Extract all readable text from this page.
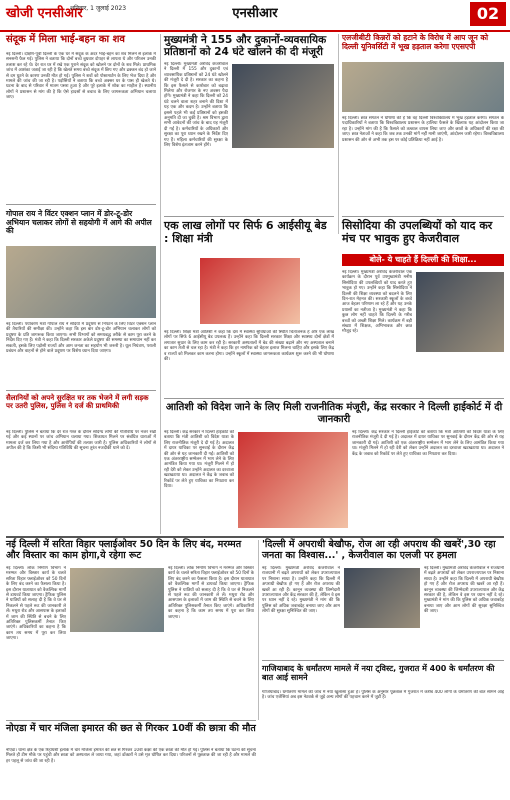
खोजी एनसीआर
शनिवार, 1 जुलाई 2023	एनसीआर	02
संदूक में मिला भाई-बहन का शव
नई दिल्ली। दक्षिण-पूर्वी दिल्ली के एक घर में संदूक के अंदर भाई-बहन का शव मिलने से इलाके में सनसनी फैल गई। पुलिस ने बताया कि दोनों बच्चे बुधवार दोपहर से लापता थे और परिजन उनकी तलाश कर रहे थे। देर रात घर में रखे एक पुराने संदूक को खोलने पर दोनों के शव मिले। प्राथमिक जांच में आशंका जताई जा रही है कि खेलते समय बच्चे संदूक में छिप गए और ढक्कन बंद हो जाने से दम घुटने के कारण उनकी मौत हो गई। पुलिस ने शवों को पोस्टमार्टम के लिए भेज दिया है और मामले की जांच की जा रही है। पड़ोसियों ने बताया कि बच्चे अक्सर घर के पास ही खेलते थे। घटना के बाद से परिवार में मातम पसरा हुआ है और पूरे इलाके में शोक का माहौल है। स्थानीय लोगों ने प्रशासन से मांग की है कि ऐसे हादसों से बचाव के लिए जागरूकता अभियान चलाया जाए।
गोपाल राय ने विंटर एक्शन प्लान में डोर-टू-डोर अभियान चलाकर लोगों से सहयोगी में आगे की अपील की
नई दिल्ली। पर्यावरण मंत्री गोपाल राय ने सर्दियों में प्रदूषण से निपटने के लिए विंटर एक्शन प्लान की तैयारियों की समीक्षा की। उन्होंने कहा कि इस बार डोर-टू-डोर अभियान चलाकर लोगों को प्रदूषण के प्रति जागरूक किया जाएगा। सभी विभागों को समयबद्ध तरीके से काम पूरा करने के निर्देश दिए गए हैं। मंत्री ने कहा कि दिल्ली सरकार अकेले प्रदूषण की समस्या का समाधान नहीं कर सकती, इसके लिए पड़ोसी राज्यों और आम जनता का सहयोग भी जरूरी है। धूल नियंत्रण, पराली प्रबंधन और वाहनों से होने वाले प्रदूषण पर विशेष ध्यान दिया जाएगा।
सैलानियों को अपने सुरक्षित घर तक भेजने में लगी सड़क पर उतरी पुलिस, पुलिस ने दर्ज की प्राथमिकी
नई दिल्ली। पुलिस ने बताया कि देर रात गश्त के दौरान संदिग्ध लोगों की गतिविधि पर नजर रखी गई और कई स्थानों पर जांच अभियान चलाया गया। शिकायत मिलने पर संबंधित धाराओं में मामला दर्ज कर लिया गया है और आरोपियों की तलाश जारी है। पुलिस अधिकारियों ने लोगों से अपील की है कि किसी भी संदिग्ध गतिविधि की सूचना तुरंत नजदीकी थाने को दें।
मुख्यमंत्री ने 155 और दुकानों-व्यवसायिक प्रतिष्ठानों को 24 घंटे खोलने की दी मंजूरी
नई दिल्ली। मुख्यमंत्री अरविंद केजरीवाल ने दिल्ली में 155 और दुकानों एवं व्यावसायिक प्रतिष्ठानों को 24 घंटे खोलने की मंजूरी दे दी है। सरकार का कहना है कि इस फैसले से कारोबार को बढ़ावा मिलेगा और रोजगार के नए अवसर पैदा होंगे। मुख्यमंत्री ने कहा कि दिल्ली को 24 घंटे चलने वाला शहर बनाने की दिशा में यह एक और कदम है। उन्होंने बताया कि इससे पहले भी कई प्रतिष्ठानों को इसकी अनुमति दी जा चुकी है। श्रम विभाग द्वारा सभी आवेदनों की जांच के बाद यह मंजूरी दी गई है। कर्मचारियों के अधिकारों और सुरक्षा का पूरा ध्यान रखने के निर्देश दिए गए हैं। महिला कर्मचारियों की सुरक्षा के लिए विशेष इंतजाम करने होंगे।
एक लाख लोगों पर सिर्फ 6 आईसीयू बेड : शिक्षा मंत्री
नई दिल्ली। शिक्षा मंत्री आतिशी ने कहा कि देश में स्वास्थ्य सुविधाओं की स्थिति चिंताजनक है और एक लाख लोगों पर सिर्फ 6 आईसीयू बेड उपलब्ध हैं। उन्होंने कहा कि दिल्ली सरकार शिक्षा और स्वास्थ्य दोनों क्षेत्रों में लगातार सुधार के लिए काम कर रही है। सरकारी अस्पतालों में बेड की संख्या बढ़ाने और नए अस्पताल बनाने का काम तेजी से चल रहा है। मंत्री ने कहा कि हर नागरिक को बेहतर इलाज मिलना चाहिए और इसके लिए केंद्र व राज्यों को मिलकर काम करना होगा। उन्होंने स्कूलों में स्वास्थ्य जागरूकता कार्यक्रम शुरू करने की भी घोषणा की।
एलजीबीटी किन्नरों को हटाने के विरोध में आप जून को दिल्ली यूनिवर्सिटी में भूख हड़ताल करेगा एएसएपी
नई दिल्ली। छात्र संगठन ने घोषणा की है कि वह दिल्ली विश्वविद्यालय में भूख हड़ताल करेगा। संगठन के पदाधिकारियों ने बताया कि विश्वविद्यालय प्रशासन के हालिया फैसले के खिलाफ यह आंदोलन किया जा रहा है। उन्होंने मांग की है कि फैसले को तत्काल वापस लिया जाए और छात्रों के अधिकारों की रक्षा की जाए। छात्र नेताओं ने कहा कि जब तक उनकी मांगें नहीं मानी जाएंगी, आंदोलन जारी रहेगा। विश्वविद्यालय प्रशासन की ओर से अभी तक इस पर कोई प्रतिक्रिया नहीं आई है।
सिसोदिया की उपलब्धियों को याद कर मंच पर भावुक हुए केजरीवाल
बोले- ये चाहते हैं दिल्ली की शिक्षा...
नई दिल्ली। मुख्यमंत्री अरविंद केजरीवाल एक कार्यक्रम के दौरान पूर्व उपमुख्यमंत्री मनीष सिसोदिया की उपलब्धियों को याद करते हुए भावुक हो गए। उन्होंने कहा कि सिसोदिया ने दिल्ली की शिक्षा व्यवस्था को बदलने के लिए दिन-रात मेहनत की। सरकारी स्कूलों के बच्चे आज बेहतर परिणाम ला रहे हैं और यह उनके प्रयासों का नतीजा है। मुख्यमंत्री ने कहा कि कुछ लोग नहीं चाहते कि दिल्ली के गरीब बच्चों को अच्छी शिक्षा मिले। कार्यक्रम में बड़ी संख्या में शिक्षक, अभिभावक और छात्र मौजूद रहे।
आतिशी को विदेश जाने के लिए मिली राजनीतिक मंजूरी, केंद्र सरकार ने दिल्ली हाईकोर्ट में दी जानकारी
नई दिल्ली। केंद्र सरकार ने दिल्ली हाईकोर्ट को बताया कि मंत्री आतिशी को विदेश यात्रा के लिए राजनीतिक मंजूरी दे दी गई है। अदालत में दायर याचिका पर सुनवाई के दौरान केंद्र की ओर से यह जानकारी दी गई। आतिशी को एक अंतरराष्ट्रीय सम्मेलन में भाग लेने के लिए आमंत्रित किया गया था। मंजूरी मिलने में हो रही देरी को लेकर उन्होंने अदालत का दरवाजा खटखटाया था। अदालत ने केंद्र के जवाब को रिकॉर्ड पर लेते हुए याचिका का निपटारा कर दिया।
नई दिल्ली। केंद्र सरकार ने दिल्ली हाईकोर्ट को बताया कि मंत्री आतिशी को विदेश यात्रा के लिए राजनीतिक मंजूरी दे दी गई है। अदालत में दायर याचिका पर सुनवाई के दौरान केंद्र की ओर से यह जानकारी दी गई। आतिशी को एक अंतरराष्ट्रीय सम्मेलन में भाग लेने के लिए आमंत्रित किया गया था। मंजूरी मिलने में हो रही देरी को लेकर उन्होंने अदालत का दरवाजा खटखटाया था। अदालत ने केंद्र के जवाब को रिकॉर्ड पर लेते हुए याचिका का निपटारा कर दिया।
नई दिल्ली में सरिता विहार फ्लाईओवर 50 दिन के लिए बंद, मरम्मत और विस्तार का काम होगा,ये रहेगा रूट
नई दिल्ली। लोक निर्माण विभाग ने मरम्मत और विस्तार कार्य के चलते सरिता विहार फ्लाईओवर को 50 दिनों के लिए बंद करने का फैसला किया है। इस दौरान यातायात को वैकल्पिक मार्गों से डायवर्ट किया जाएगा। ट्रैफिक पुलिस ने यात्रियों को सलाह दी है कि वे घर से निकलने से पहले रूट की जानकारी ले लें। मथुरा रोड और आसपास के इलाकों में जाम की स्थिति से बचने के लिए अतिरिक्त पुलिसकर्मी तैनात किए जाएंगे। अधिकारियों का कहना है कि काम तय समय में पूरा कर लिया जाएगा।
नई दिल्ली। लोक निर्माण विभाग ने मरम्मत और विस्तार कार्य के चलते सरिता विहार फ्लाईओवर को 50 दिनों के लिए बंद करने का फैसला किया है। इस दौरान यातायात को वैकल्पिक मार्गों से डायवर्ट किया जाएगा। ट्रैफिक पुलिस ने यात्रियों को सलाह दी है कि वे घर से निकलने से पहले रूट की जानकारी ले लें। मथुरा रोड और आसपास के इलाकों में जाम की स्थिति से बचने के लिए अतिरिक्त पुलिसकर्मी तैनात किए जाएंगे। अधिकारियों का कहना है कि काम तय समय में पूरा कर लिया जाएगा।
'दिल्ली में अपराधी बेखौफ, रोज आ रही अपराध की खबरें',30 रहा जनता का विश्वास...' , केजरीवाल का एलजी पर हमला
नई दिल्ली। मुख्यमंत्री अरविंद केजरीवाल ने राजधानी में बढ़ते अपराधों को लेकर उपराज्यपाल पर निशाना साधा है। उन्होंने कहा कि दिल्ली में अपराधी बेखौफ हो गए हैं और रोज अपराध की खबरें आ रही हैं। कानून व्यवस्था की जिम्मेदारी उपराज्यपाल और केंद्र सरकार की है, लेकिन वे इस पर ध्यान नहीं दे रहे। मुख्यमंत्री ने मांग की कि पुलिस को अधिक जवाबदेह बनाया जाए और आम लोगों की सुरक्षा सुनिश्चित की जाए।
नई दिल्ली। मुख्यमंत्री अरविंद केजरीवाल ने राजधानी में बढ़ते अपराधों को लेकर उपराज्यपाल पर निशाना साधा है। उन्होंने कहा कि दिल्ली में अपराधी बेखौफ हो गए हैं और रोज अपराध की खबरें आ रही हैं। कानून व्यवस्था की जिम्मेदारी उपराज्यपाल और केंद्र सरकार की है, लेकिन वे इस पर ध्यान नहीं दे रहे। मुख्यमंत्री ने मांग की कि पुलिस को अधिक जवाबदेह बनाया जाए और आम लोगों की सुरक्षा सुनिश्चित की जाए।
गाजियाबाद के धर्मांतरण मामले में नया ट्विस्ट, गुजरात में 400 के धर्मांतरण की बात आई सामने
गाजियाबाद। धर्मांतरण मामले की जांच में नया खुलासा हुआ है। पुलिस के अनुसार पूछताछ में गुजरात में करीब 400 लोगों के धर्मांतरण की बात सामने आई है। जांच एजेंसियां अब इस नेटवर्क से जुड़े अन्य लोगों की पहचान करने में जुटी हैं।
नोएडा में चार मंजिला इमारत की छत से गिरकर 10वीं की छात्रा की मौत
नोएडा। थाना क्षेत्र के एक रिहायशी इलाके में चार मंजिला इमारत की छत से गिरकर 10वीं कक्षा की एक छात्रा की मौत हो गई। पुलिस ने बताया कि घटना की सूचना मिलते ही टीम मौके पर पहुंची और छात्रा को अस्पताल ले जाया गया, जहां डॉक्टरों ने उसे मृत घोषित कर दिया। परिजनों से पूछताछ की जा रही है और मामले की हर पहलू से जांच की जा रही है।
